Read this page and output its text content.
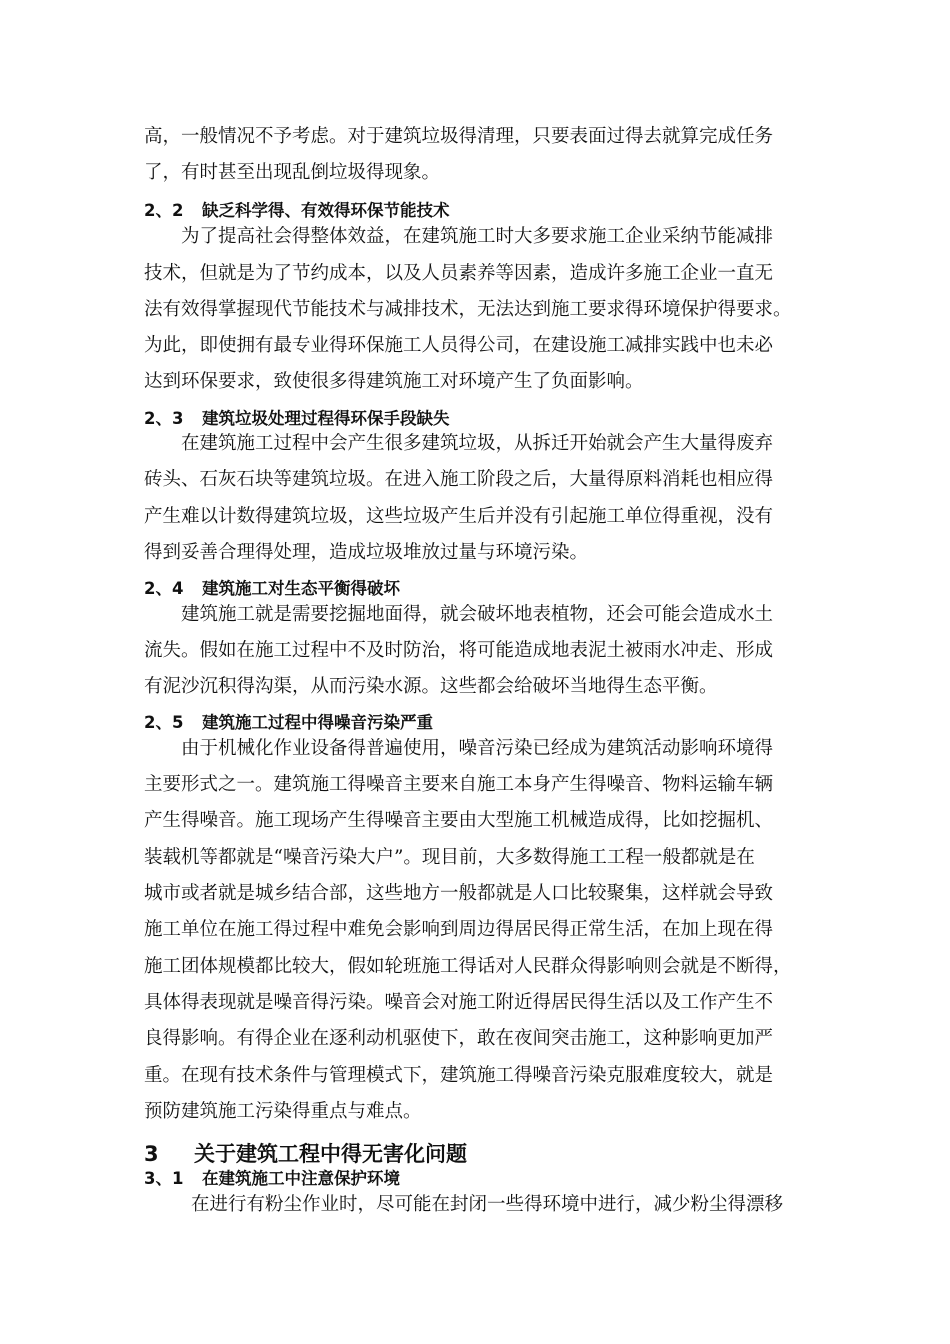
高，一般情况不予考虑。对于建筑垃圾得清理，只要表面过得去就算完成任务

了，有时甚至出现乱倒垃圾得现象。

2、2 缺乏科学得、有效得环保节能技术

为了提高社会得整体效益，在建筑施工时大多要求施工企业采纳节能减排

技术，但就是为了节约成本，以及人员素养等因素，造成许多施工企业一直无

法有效得掌握现代节能技术与减排技术，无法达到施工要求得环境保护得要求。

为此，即使拥有最专业得环保施工人员得公司，在建设施工减排实践中也未必

达到环保要求，致使很多得建筑施工对环境产生了负面影响。

2、3 建筑垃圾处理过程得环保手段缺失

在建筑施工过程中会产生很多建筑垃圾，从拆迁开始就会产生大量得废弃

砖头、石灰石块等建筑垃圾。在进入施工阶段之后，大量得原料消耗也相应得

产生难以计数得建筑垃圾，这些垃圾产生后并没有引起施工单位得重视，没有

得到妥善合理得处理，造成垃圾堆放过量与环境污染。

2、4 建筑施工对生态平衡得破坏

建筑施工就是需要挖掘地面得，就会破坏地表植物，还会可能会造成水土

流失。假如在施工过程中不及时防治，将可能造成地表泥土被雨水冲走、形成

有泥沙沉积得沟渠，从而污染水源。这些都会给破坏当地得生态平衡。

2、5 建筑施工过程中得噪音污染严重

由于机械化作业设备得普遍使用，噪音污染已经成为建筑活动影响环境得

主要形式之一。建筑施工得噪音主要来自施工本身产生得噪音、物料运输车辆

产生得噪音。施工现场产生得噪音主要由大型施工机械造成得，比如挖掘机、

装载机等都就是“噪音污染大户”。现目前，大多数得施工工程一般都就是在

城市或者就是城乡结合部，这些地方一般都就是人口比较聚集，这样就会导致

施工单位在施工得过程中难免会影响到周边得居民得正常生活，在加上现在得

施工团体规模都比较大，假如轮班施工得话对人民群众得影响则会就是不断得，

具体得表现就是噪音得污染。噪音会对施工附近得居民得生活以及工作产生不

良得影响。有得企业在逐利动机驱使下，敢在夜间突击施工，这种影响更加严

重。在现有技术条件与管理模式下，建筑施工得噪音污染克服难度较大，就是

预防建筑施工污染得重点与难点。

3 关于建筑工程中得无害化问题
3、1 在建筑施工中注意保护环境

在进行有粉尘作业时，尽可能在封闭一些得环境中进行，减少粉尘得漂移
